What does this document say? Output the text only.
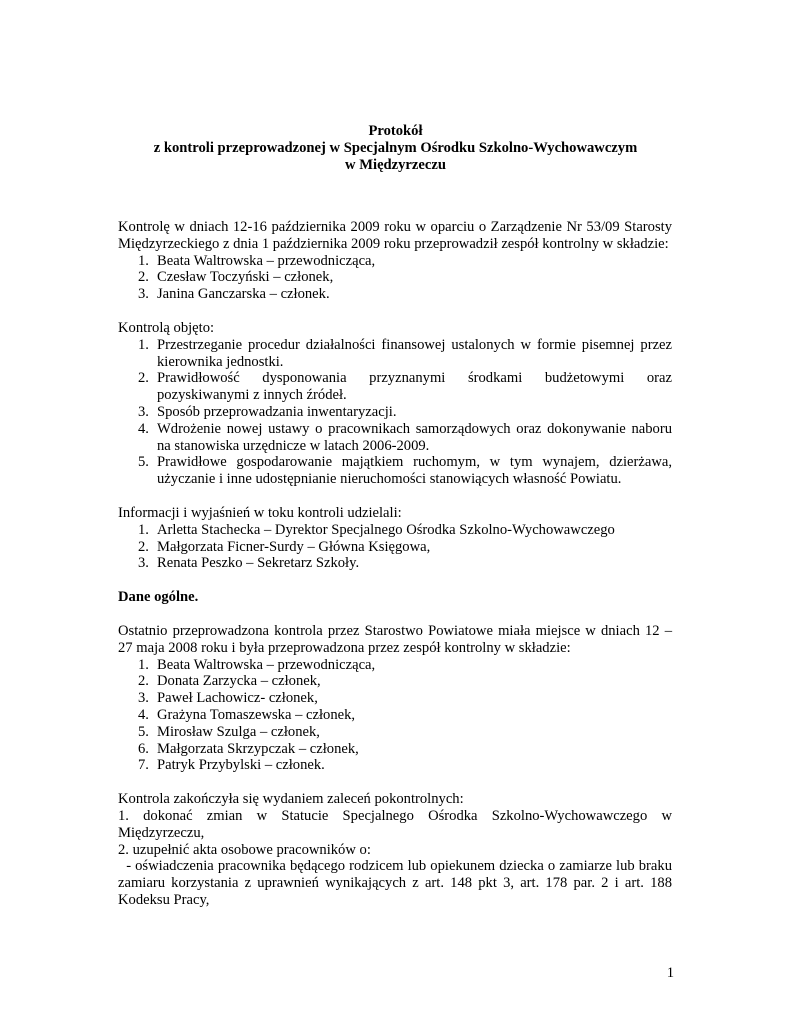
Protokół
z kontroli przeprowadzonej w Specjalnym Ośrodku Szkolno-Wychowawczym
w Międzyrzeczu

Kontrolę w dniach 12-16 października 2009 roku w oparciu o Zarządzenie Nr 53/09 Starosty

Międzyrzeckiego z dnia 1 października 2009 roku przeprowadził zespół kontrolny w składzie:

1. Beata Waltrowska – przewodnicząca,
2. Czesław Toczyński – członek,
3. Janina Ganczarska – członek.

Kontrolą objęto:

1. Przestrzeganie procedur działalności finansowej ustalonych w formie pisemnej przez kierownika jednostki.
2. Prawidłowość dysponowania przyznanymi środkami budżetowymi oraz pozyskiwanymi z innych źródeł.
3. Sposób przeprowadzania inwentaryzacji.
4. Wdrożenie nowej ustawy o pracownikach samorządowych oraz dokonywanie naboru na stanowiska urzędnicze w latach 2006-2009.
5. Prawidłowe gospodarowanie majątkiem ruchomym, w tym wynajem, dzierżawa, użyczanie i inne udostępnianie nieruchomości stanowiących własność Powiatu.

Informacji i wyjaśnień w toku kontroli udzielali:

1. Arletta Stachecka – Dyrektor Specjalnego Ośrodka Szkolno-Wychowawczego
2. Małgorzata Ficner-Surdy – Główna Księgowa,
3. Renata Peszko – Sekretarz Szkoły.

Dane ogólne.

Ostatnio przeprowadzona kontrola przez Starostwo Powiatowe miała miejsce w dniach 12 – 27 maja 2008 roku i była przeprowadzona przez zespół kontrolny w składzie:

1. Beata Waltrowska – przewodnicząca,
2. Donata Zarzycka – członek,
3. Paweł Lachowicz- członek,
4. Grażyna Tomaszewska – członek,
5. Mirosław Szulga – członek,
6. Małgorzata Skrzypczak – członek,
7. Patryk Przybylski – członek.

Kontrola zakończyła się wydaniem zaleceń pokontrolnych:

1. dokonać zmian w Statucie Specjalnego Ośrodka Szkolno-Wychowawczego w Międzyrzeczu,

2. uzupełnić akta osobowe pracowników o:

- oświadczenia pracownika będącego rodzicem lub opiekunem dziecka o zamiarze lub braku zamiaru korzystania z uprawnień wynikających z art. 148 pkt 3, art. 178 par. 2 i art. 188 Kodeksu Pracy,

1
